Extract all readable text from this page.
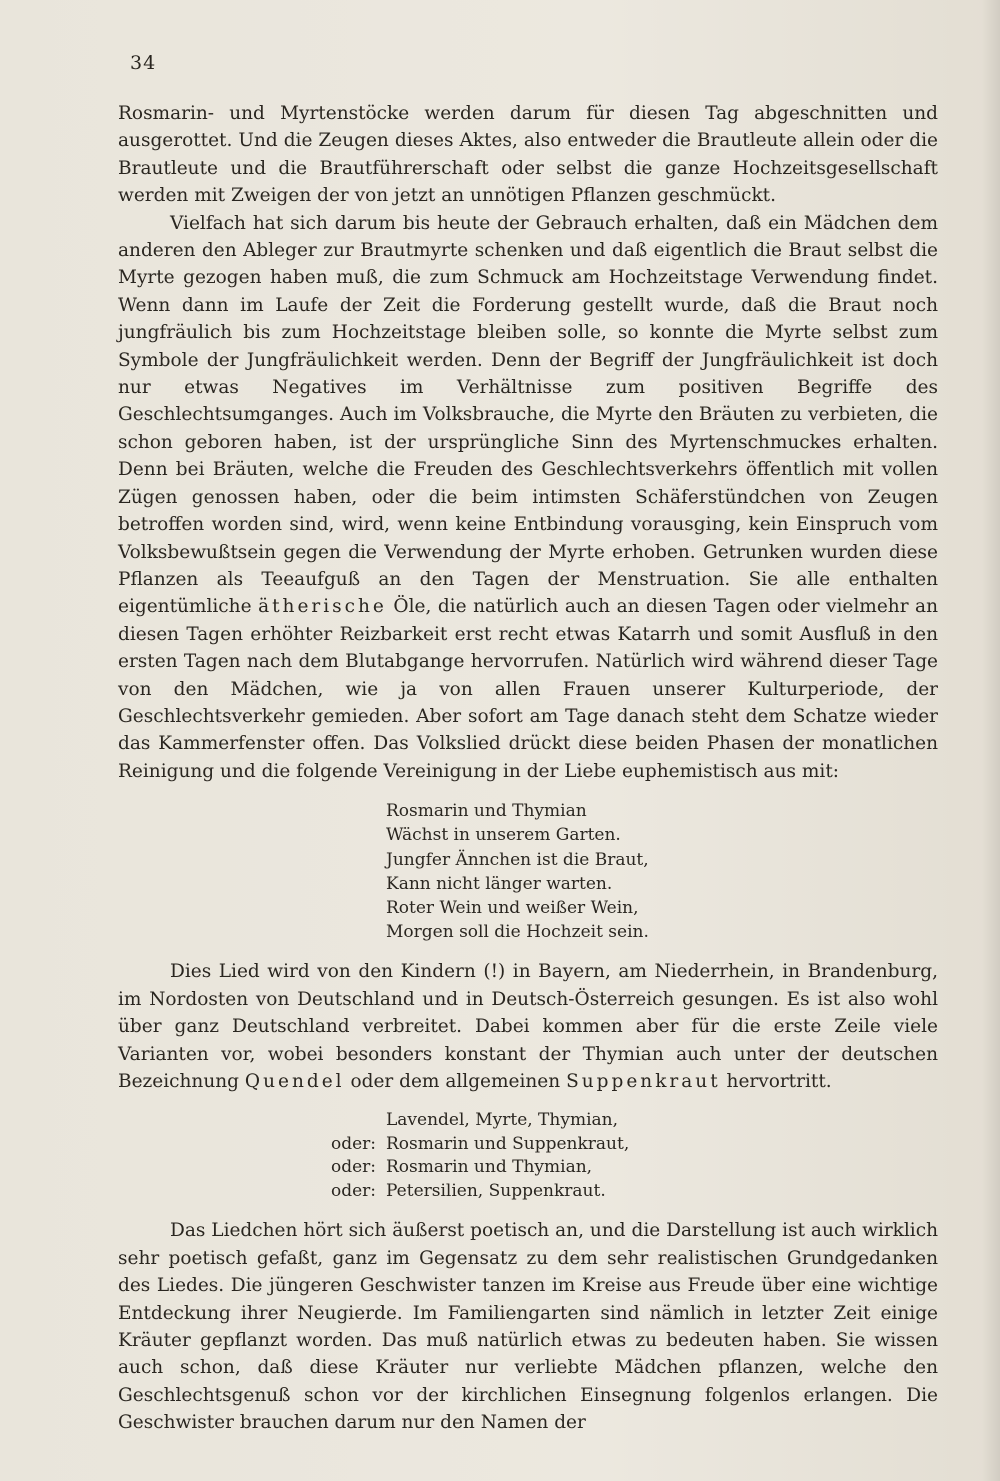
34

Rosmarin- und Myrtenstöcke werden darum für diesen Tag abgeschnitten und ausgerottet. Und die Zeugen dieses Aktes, also entweder die Brautleute allein oder die Brautleute und die Brautführerschaft oder selbst die ganze Hochzeitsgesellschaft werden mit Zweigen der von jetzt an unnötigen Pflanzen geschmückt.

Vielfach hat sich darum bis heute der Gebrauch erhalten, daß ein Mädchen dem anderen den Ableger zur Brautmyrte schenken und daß eigentlich die Braut selbst die Myrte gezogen haben muß, die zum Schmuck am Hochzeitstage Verwendung findet. Wenn dann im Laufe der Zeit die Forderung gestellt wurde, daß die Braut noch jungfräulich bis zum Hochzeitstage bleiben solle, so konnte die Myrte selbst zum Symbole der Jungfräulichkeit werden. Denn der Begriff der Jungfräulichkeit ist doch nur etwas Negatives im Verhältnisse zum positiven Begriffe des Geschlechtsumganges. Auch im Volksbrauche, die Myrte den Bräuten zu verbieten, die schon geboren haben, ist der ursprüngliche Sinn des Myrtenschmuckes erhalten. Denn bei Bräuten, welche die Freuden des Geschlechtsverkehrs öffentlich mit vollen Zügen genossen haben, oder die beim intimsten Schäferstündchen von Zeugen betroffen worden sind, wird, wenn keine Entbindung vorausging, kein Einspruch vom Volksbewußtsein gegen die Verwendung der Myrte erhoben. Getrunken wurden diese Pflanzen als Teeaufguß an den Tagen der Menstruation. Sie alle enthalten eigentümliche ätherische Öle, die natürlich auch an diesen Tagen oder vielmehr an diesen Tagen erhöhter Reizbarkeit erst recht etwas Katarrh und somit Ausfluß in den ersten Tagen nach dem Blutabgange hervorrufen. Natürlich wird während dieser Tage von den Mädchen, wie ja von allen Frauen unserer Kulturperiode, der Geschlechtsverkehr gemieden. Aber sofort am Tage danach steht dem Schatze wieder das Kammerfenster offen. Das Volkslied drückt diese beiden Phasen der monatlichen Reinigung und die folgende Vereinigung in der Liebe euphemistisch aus mit:

Rosmarin und Thymian
Wächst in unserem Garten.
Jungfer Ännchen ist die Braut,
Kann nicht länger warten.
Roter Wein und weißer Wein,
Morgen soll die Hochzeit sein.

Dies Lied wird von den Kindern (!) in Bayern, am Niederrhein, in Brandenburg, im Nordosten von Deutschland und in Deutsch-Österreich gesungen. Es ist also wohl über ganz Deutschland verbreitet. Dabei kommen aber für die erste Zeile viele Varianten vor, wobei besonders konstant der Thymian auch unter der deutschen Bezeichnung Quendel oder dem allgemeinen Suppenkraut hervortritt.

Lavendel, Myrte, Thymian,
oder: Rosmarin und Suppenkraut,
oder: Rosmarin und Thymian,
oder: Petersilien, Suppenkraut.

Das Liedchen hört sich äußerst poetisch an, und die Darstellung ist auch wirklich sehr poetisch gefaßt, ganz im Gegensatz zu dem sehr realistischen Grundgedanken des Liedes. Die jüngeren Geschwister tanzen im Kreise aus Freude über eine wichtige Entdeckung ihrer Neugierde. Im Familiengarten sind nämlich in letzter Zeit einige Kräuter gepflanzt worden. Das muß natürlich etwas zu bedeuten haben. Sie wissen auch schon, daß diese Kräuter nur verliebte Mädchen pflanzen, welche den Geschlechtsgenuß schon vor der kirchlichen Einsegnung folgenlos erlangen. Die Geschwister brauchen darum nur den Namen der
